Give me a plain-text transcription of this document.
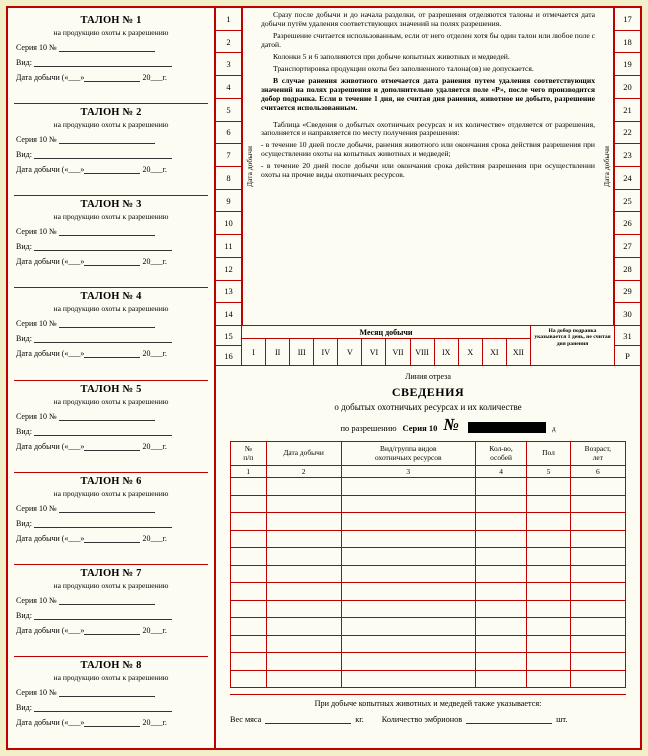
ТАЛОН № 1
на продукцию охоты к разрешению
Серия 10 №
Вид:
Дата добычи («___»	20___г.
ТАЛОН № 2
на продукцию охоты к разрешению
Серия 10 №
Вид:
Дата добычи («___»	20___г.
ТАЛОН № 3
на продукцию охоты к разрешению
Серия 10 №
Вид:
Дата добычи («___»	20___г.
ТАЛОН № 4
на продукцию охоты к разрешению
Серия 10 №
Вид:
Дата добычи («___»	20___г.
ТАЛОН № 5
на продукцию охоты к разрешению
Серия 10 №
Вид:
Дата добычи («___»	20___г.
ТАЛОН № 6
на продукцию охоты к разрешению
Серия 10 №
Вид:
Дата добычи («___»	20___г.
ТАЛОН № 7
на продукцию охоты к разрешению
Серия 10 №
Вид:
Дата добычи («___»	20___г.
ТАЛОН № 8
на продукцию охоты к разрешению
Серия 10 №
Вид:
Дата добычи («___»	20___г.
1
2
3
4
5
6
7
8
9
10
11
12
13
14
Дата добычи

Сразу после добычи и до начала разделки, от разрешения отделяются талоны и отмечается дата добычи путём удаления соответствующих значений на полях разрешения.

Разрешение считается использованным, если от него отделен хотя бы один талон или любое поле с датой.

Колонки 5 и 6 заполняются при добыче копытных животных и медведей.

Транспортировка продукции охоты без заполненного талона(ов) не допускается.

В случае ранения животного отмечается дата ранения путем удаления соответствующих значений на полях разрешения и дополнительно удаляется поле «Р», после чего производится добор подранка. Если в течение 1 дня, не считая дня ранения, животное не добыто, разрешение считается использованным.

Таблица «Сведения о добытых охотничьих ресурсах и их количестве» отделяется от разрешения, заполняется и направляется по месту получения разрешения:

- в течение 10 дней после добычи, ранения животного или окончания срока действия разрешения при осуществлении охоты на копытных животных и медведей;

- в течение 20 дней после добычи или окончания срока действия разрешения при осуществлении охоты на прочие виды охотничьих ресурсов.	Дата добычи
17
18
19
20
21
22
23
24
25
26
27
28
29
30
15
16
Месяц добычи
I	II	III	IV	V	VI	VII	VIII	IX	X	XI	XII
На добор подранка указывается 1 день, не считая дня ранения
31
Р
Линия отреза
СВЕДЕНИЯ
о добытых охотничьих ресурсах и их количестве
по разрешению Серия 10 №	д
№
п/п	Дата добычи	Вид/группа видов
охотничьих ресурсов

Кол-во,
особей	Пол	Возраст,
лет

1	2	3	4	5	6

При добыче копытных животных и медведей также указывается:
Вес мяса	кг. Количество эмбрионов	шт.
